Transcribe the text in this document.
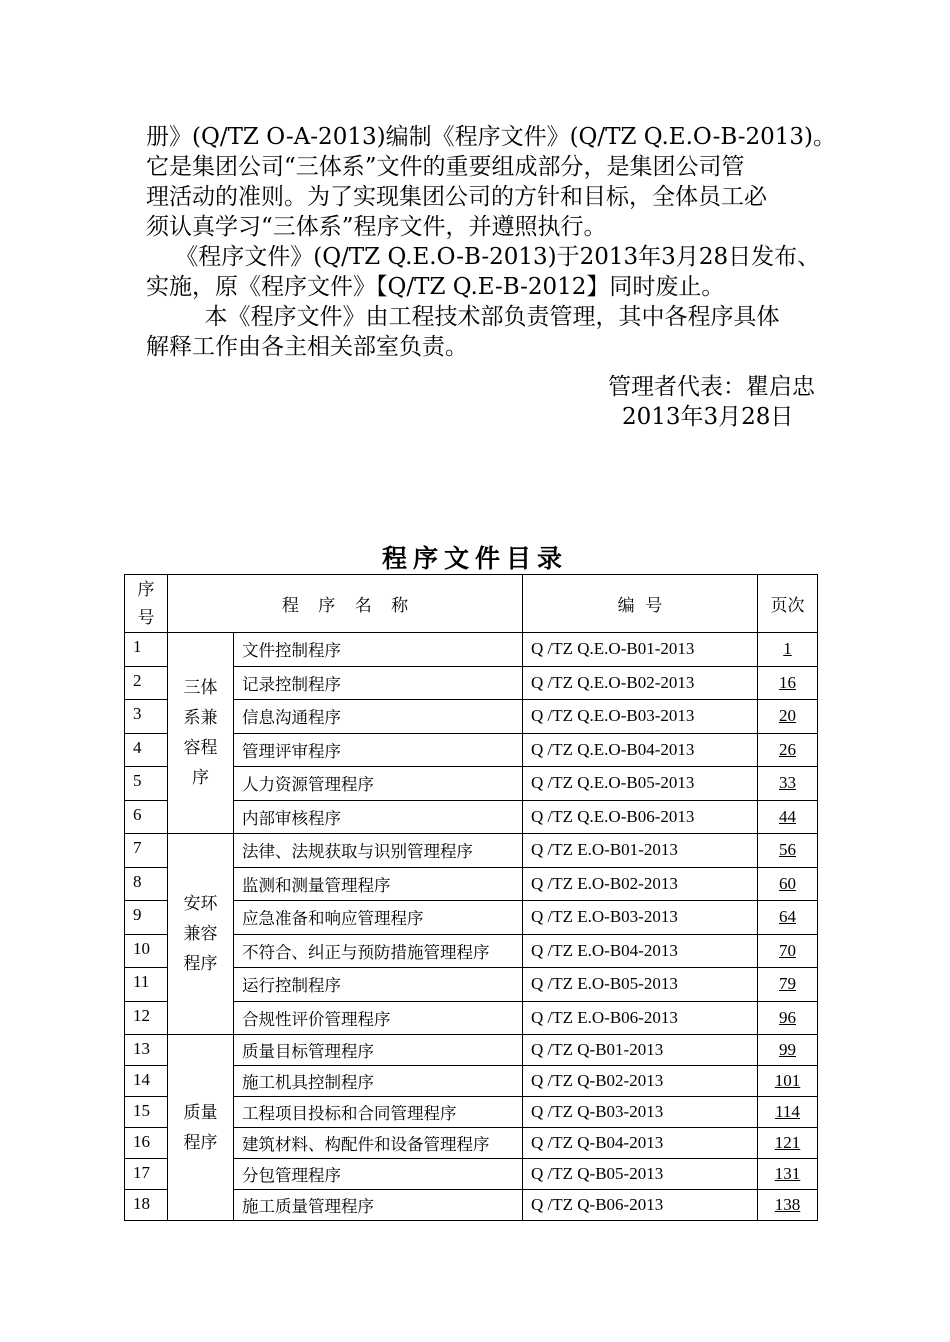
册》(Q/TZ O-A-2013)编制《程序文件》(Q/TZ Q.E.O-B-2013)。

它是集团公司“三体系”文件的重要组成部分，是集团公司管

理活动的准则。为了实现集团公司的方针和目标，全体员工必

须认真学习“三体系”程序文件，并遵照执行。

《程序文件》(Q/TZ Q.E.O-B-2013)于2013年3月28日发布、

实施，原《程序文件》【Q/TZ Q.E-B-2012】同时废止。

本《程序文件》由工程技术部负责管理，其中各程序具体

解释工作由各主相关部室负责。

管理者代表：瞿启忠
2013年3月28日
程序文件目录
序
号	程 序 名 称		编  号	页次
1	三体
系兼
容程
序	文件控制程序	Q /TZ Q.E.O-B01-2013	1
2		记录控制程序	Q /TZ Q.E.O-B02-2013	16
3		信息沟通程序	Q /TZ Q.E.O-B03-2013	20
4		管理评审程序	Q /TZ Q.E.O-B04-2013	26
5		人力资源管理程序	Q /TZ Q.E.O-B05-2013	33
6		内部审核程序	Q /TZ Q.E.O-B06-2013	44
7	安环
兼容
程序	法律、法规获取与识别管理程序	Q /TZ E.O-B01-2013	56
8		监测和测量管理程序	Q /TZ E.O-B02-2013	60
9		应急准备和响应管理程序	Q /TZ E.O-B03-2013	64
10		不符合、纠正与预防措施管理程序	Q /TZ E.O-B04-2013	70
11		运行控制程序	Q /TZ E.O-B05-2013	79
12		合规性评价管理程序	Q /TZ E.O-B06-2013	96
13	质量
程序	质量目标管理程序	Q /TZ Q-B01-2013	99
14		施工机具控制程序	Q /TZ Q-B02-2013	101
15		工程项目投标和合同管理程序	Q /TZ Q-B03-2013	114
16		建筑材料、构配件和设备管理程序	Q /TZ Q-B04-2013	121
17		分包管理程序	Q /TZ Q-B05-2013	131
18		施工质量管理程序	Q /TZ Q-B06-2013	138
